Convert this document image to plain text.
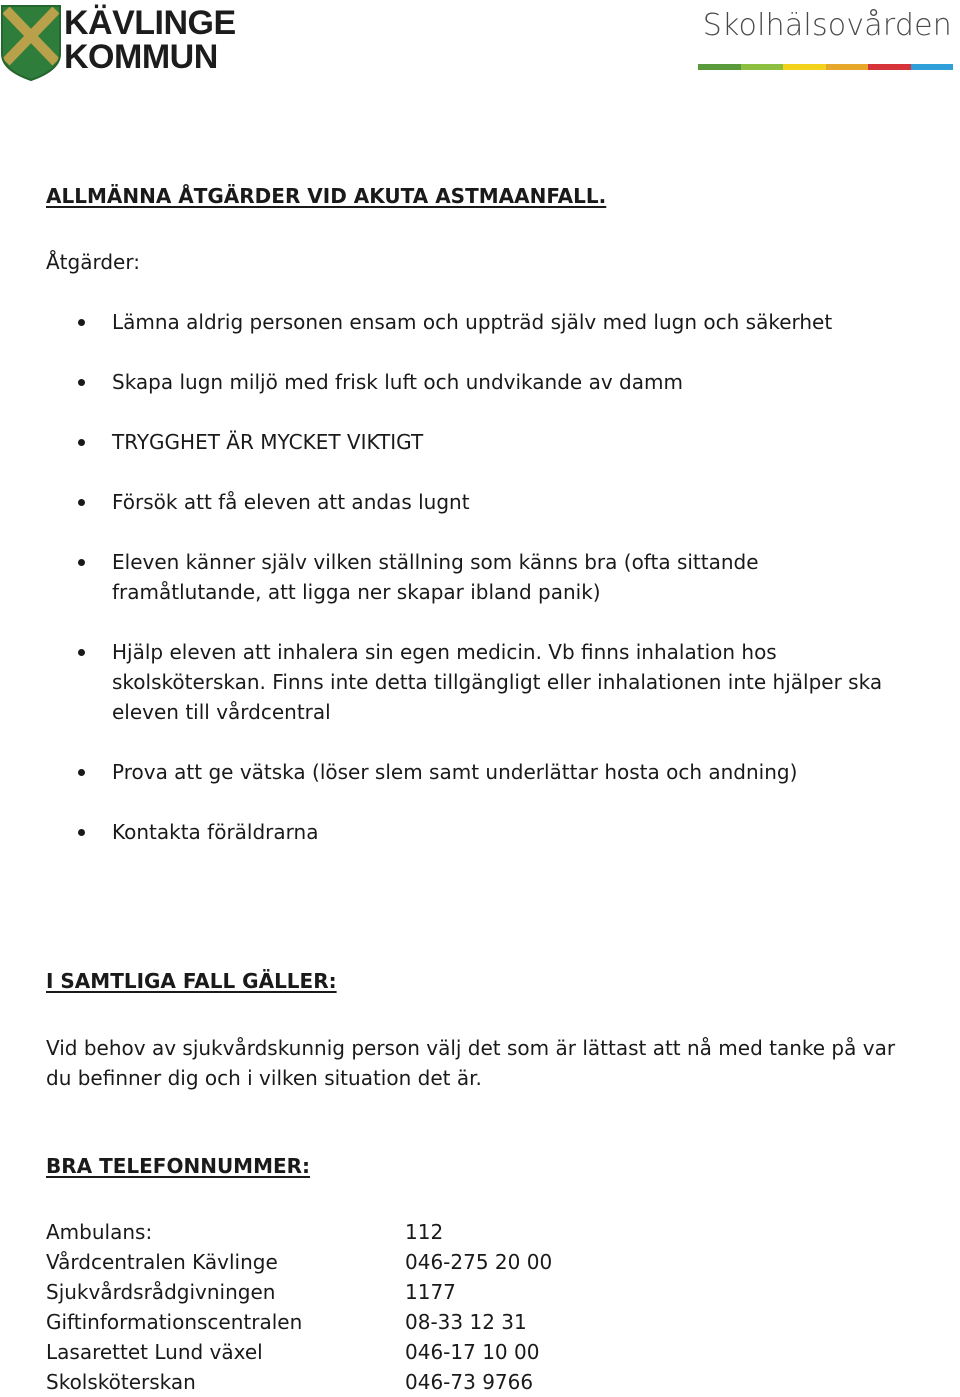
KÄVLINGE
KOMMUN
Skolhälsovården
ALLMÄNNA ÅTGÄRDER VID AKUTA ASTMAANFALL.
Åtgärder:
Lämna aldrig personen ensam och uppträd själv med lugn och säkerhet
Skapa lugn miljö med frisk luft och undvikande av damm
TRYGGHET ÄR MYCKET VIKTIGT
Försök att få eleven att andas lugnt
Eleven känner själv vilken ställning som känns bra (ofta sittande framåtlutande, att ligga ner skapar ibland panik)
Hjälp eleven att inhalera sin egen medicin. Vb finns inhalation hos skolsköterskan. Finns inte detta tillgängligt eller inhalationen inte hjälper ska eleven till vårdcentral
Prova att ge vätska (löser slem samt underlättar hosta och andning)
Kontakta föräldrarna
I SAMTLIGA FALL GÄLLER:
Vid behov av sjukvårdskunnig person välj det som är lättast att nå med tanke på var du befinner dig och i vilken situation det är.
BRA TELEFONNUMMER:
Ambulans:	112
Vårdcentralen Kävlinge	046-275 20 00
Sjukvårdsrådgivningen	1177
Giftinformationscentralen	08-33 12 31
Lasarettet Lund växel	046-17 10 00
Skolsköterskan	046-73 9766
